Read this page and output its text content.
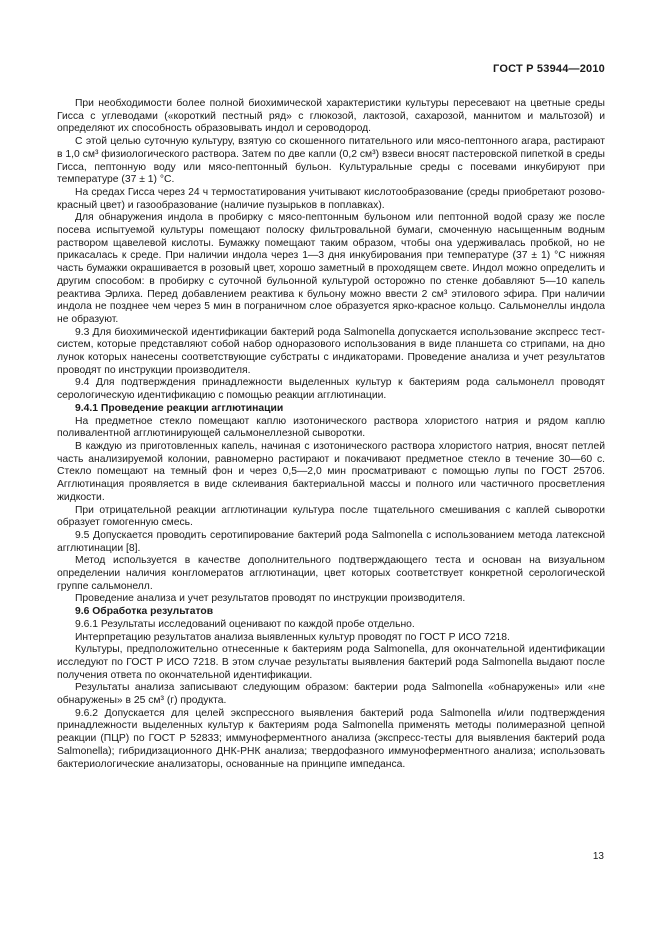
ГОСТ Р 53944—2010

При необходимости более полной биохимической характеристики культуры пересевают на цветные среды Гисса с углеводами («короткий пестный ряд» с глюкозой, лактозой, сахарозой, маннитом и мальтозой) и определяют их способность образовывать индол и сероводород.

С этой целью суточную культуру, взятую со скошенного питательного или мясо-пептонного агара, растирают в 1,0 см³ физиологического раствора. Затем по две капли (0,2 см³) взвеси вносят пастеровской пипеткой в среды Гисса, пептонную воду или мясо-пептонный бульон. Культуральные среды с посевами инкубируют при температуре (37 ± 1) °С.

На средах Гисса через 24 ч термостатирования учитывают кислотообразование (среды приобретают розово-красный цвет) и газообразование (наличие пузырьков в поплавках).

Для обнаружения индола в пробирку с мясо-пептонным бульоном или пептонной водой сразу же после посева испытуемой культуры помещают полоску фильтровальной бумаги, смоченную насыщенным водным раствором щавелевой кислоты. Бумажку помещают таким образом, чтобы она удерживалась пробкой, но не прикасалась к среде. При наличии индола через 1—3 дня инкубирования при температуре (37 ± 1) °С нижняя часть бумажки окрашивается в розовый цвет, хорошо заметный в проходящем свете. Индол можно определить и другим способом: в пробирку с суточной бульонной культурой осторожно по стенке добавляют 5—10 капель реактива Эрлиха. Перед добавлением реактива к бульону можно ввести 2 см³ этилового эфира. При наличии индола не позднее чем через 5 мин в пограничном слое образуется ярко-красное кольцо. Сальмонеллы индола не образуют.

9.3 Для биохимической идентификации бактерий рода Salmonella допускается использование экспресс тест-систем, которые представляют собой набор одноразового использования в виде планшета со стрипами, на дно лунок которых нанесены соответствующие субстраты с индикаторами. Проведение анализа и учет результатов проводят по инструкции производителя.

9.4 Для подтверждения принадлежности выделенных культур к бактериям рода сальмонелл проводят серологическую идентификацию с помощью реакции агглютинации.

9.4.1 Проведение реакции агглютинации

На предметное стекло помещают каплю изотонического раствора хлористого натрия и рядом каплю поливалентной агглютинирующей сальмонеллезной сыворотки.

В каждую из приготовленных капель, начиная с изотонического раствора хлористого натрия, вносят петлей часть анализируемой колонии, равномерно растирают и покачивают предметное стекло в течение 30—60 с. Стекло помещают на темный фон и через 0,5—2,0 мин просматривают с помощью лупы по ГОСТ 25706. Агглютинация проявляется в виде склеивания бактериальной массы и полного или частичного просветления жидкости.

При отрицательной реакции агглютинации культура после тщательного смешивания с каплей сыворотки образует гомогенную смесь.

9.5 Допускается проводить серотипирование бактерий рода Salmonella с использованием метода латексной агглютинации [8].

Метод используется в качестве дополнительного подтверждающего теста и основан на визуальном определении наличия конгломератов агглютинации, цвет которых соответствует конкретной серологической группе сальмонелл.

Проведение анализа и учет результатов проводят по инструкции производителя.

9.6 Обработка результатов

9.6.1 Результаты исследований оценивают по каждой пробе отдельно.

Интерпретацию результатов анализа выявленных культур проводят по ГОСТ Р ИСО 7218.

Культуры, предположительно отнесенные к бактериям рода Salmonella, для окончательной идентификации исследуют по ГОСТ Р ИСО 7218. В этом случае результаты выявления бактерий рода Salmonella выдают после получения ответа по окончательной идентификации.

Результаты анализа записывают следующим образом: бактерии рода Salmonella «обнаружены» или «не обнаружены» в 25 см³ (г) продукта.

9.6.2 Допускается для целей экспрессного выявления бактерий рода Salmonella и/или подтверждения принадлежности выделенных культур к бактериям рода Salmonella применять методы полимеразной цепной реакции (ПЦР) по ГОСТ Р 52833; иммуноферментного анализа (экспресс-тесты для выявления бактерий рода Salmonella); гибридизационного ДНК-РНК анализа; твердофазного иммуноферментного анализа; использовать бактериологические анализаторы, основанные на принципе импеданса.

13
